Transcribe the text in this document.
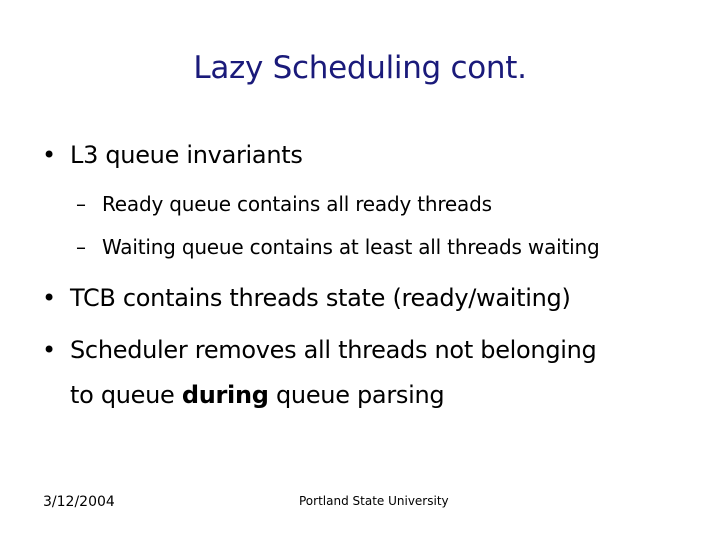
Lazy Scheduling cont.
• L3 queue invariants
– Ready queue contains all ready threads
– Waiting queue contains at least all threads waiting
• TCB contains threads state (ready/waiting)
• Scheduler removes all threads not belonging
to queue during queue parsing
3/12/2004	Portland State University
